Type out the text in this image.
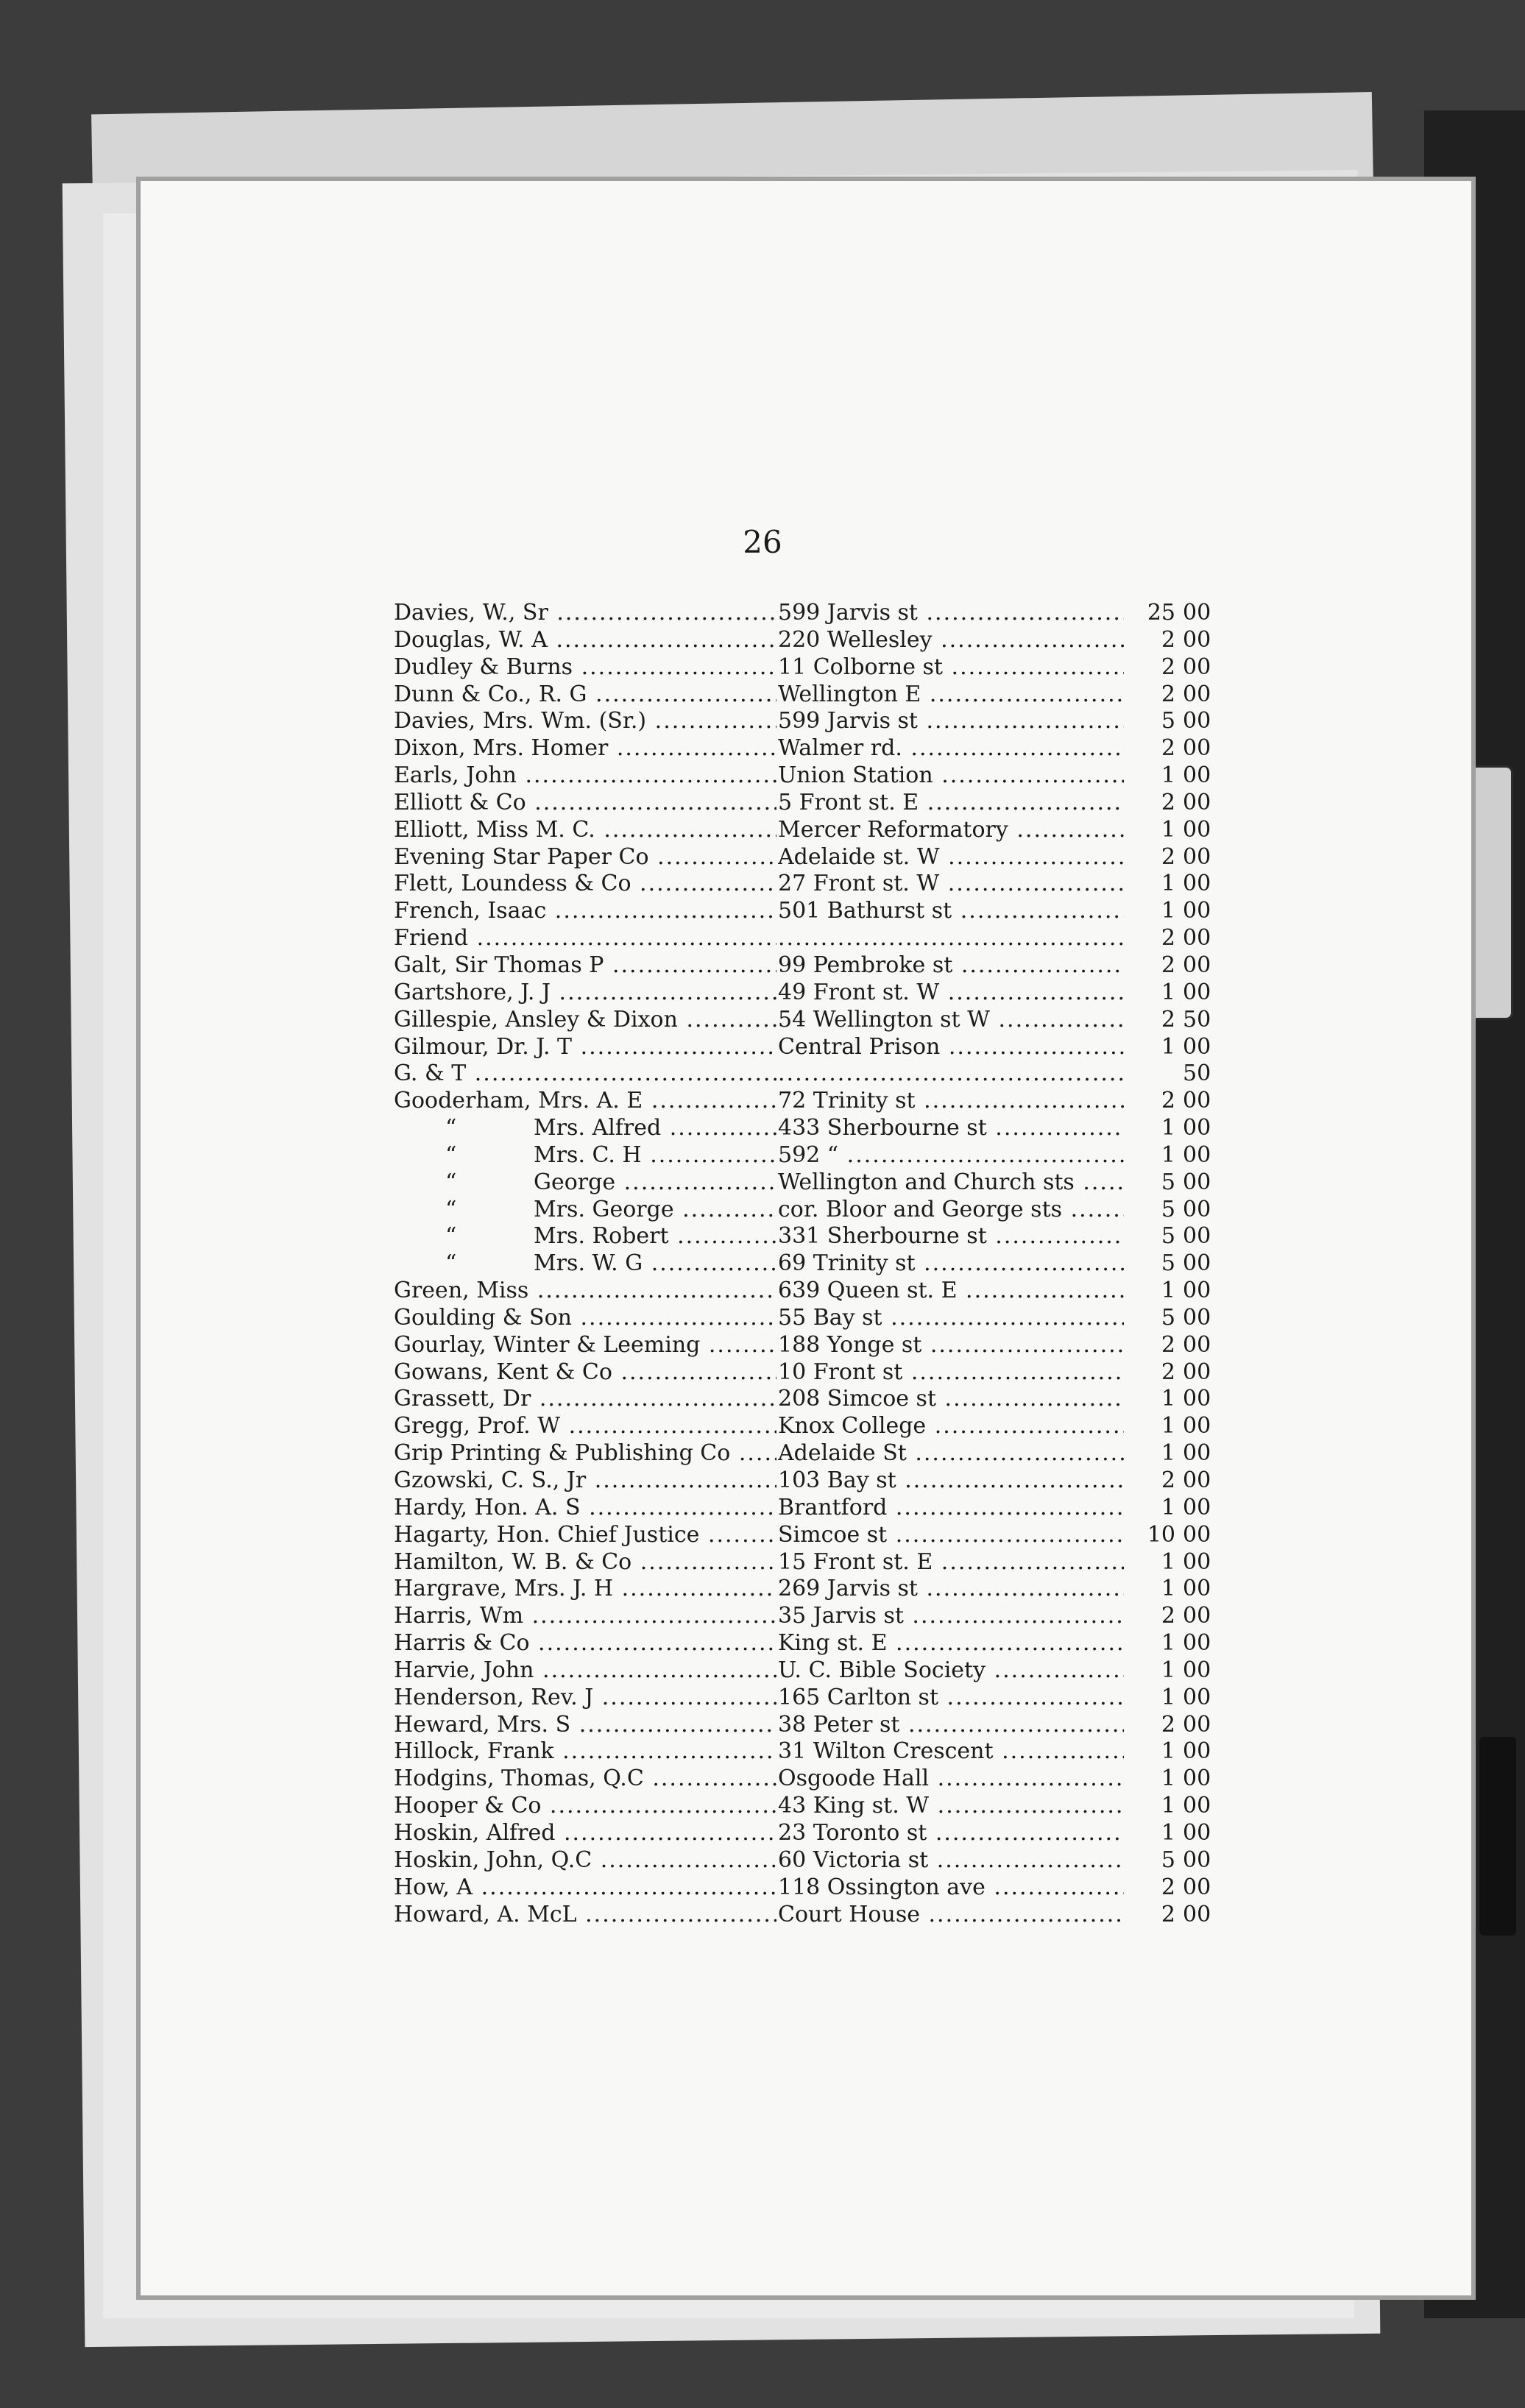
26
Davies, W., Sr .....	599 Jarvis st .....	25 00
Douglas, W. A .....	220 Wellesley .....	2 00
Dudley & Burns .....	11 Colborne st .....	2 00
Dunn & Co., R. G .....	Wellington E .....	2 00
Davies, Mrs. Wm. (Sr.) .....	599 Jarvis st .....	5 00
Dixon, Mrs. Homer .....	Walmer rd. .....	2 00
Earls, John .....	Union Station .....	1 00
Elliott & Co .....	5 Front st. E .....	2 00
Elliott, Miss M. C. .....	Mercer Reformatory .....	1 00
Evening Star Paper Co .....	Adelaide st. W .....	2 00
Flett, Loundess & Co .....	27 Front st. W .....	1 00
French, Isaac .....	501 Bathurst st .....	1 00
Friend ..... .....	2 00
Galt, Sir Thomas P .....	99 Pembroke st .....	2 00
Gartshore, J. J .....	49 Front st. W .....	1 00
Gillespie, Ansley & Dixon .....	54 Wellington st W .....	2 50
Gilmour, Dr. J. T .....	Central Prison .....	1 00
G. & T ..... .....	50
Gooderham, Mrs. A. E .....	72 Trinity st .....	2 00
“	Mrs. Alfred .....	433 Sherbourne st .....	1 00
“	Mrs. C. H .....	592 “ .....	1 00
“	George .....	Wellington and Church sts .....	5 00
“	Mrs. George .....	cor. Bloor and George sts .....	5 00
“	Mrs. Robert .....	331 Sherbourne st .....	5 00
“	Mrs. W. G .....	69 Trinity st .....	5 00
Green, Miss .....	639 Queen st. E .....	1 00
Goulding & Son .....	55 Bay st .....	5 00
Gourlay, Winter & Leeming .....	188 Yonge st .....	2 00
Gowans, Kent & Co .....	10 Front st .....	2 00
Grassett, Dr .....	208 Simcoe st .....	1 00
Gregg, Prof. W .....	Knox College .....	1 00
Grip Printing & Publishing Co .....	Adelaide St .....	1 00
Gzowski, C. S., Jr .....	103 Bay st .....	2 00
Hardy, Hon. A. S .....	Brantford .....	1 00
Hagarty, Hon. Chief Justice .....	Simcoe st .....	10 00
Hamilton, W. B. & Co .....	15 Front st. E .....	1 00
Hargrave, Mrs. J. H .....	269 Jarvis st .....	1 00
Harris, Wm .....	35 Jarvis st .....	2 00
Harris & Co .....	King st. E .....	1 00
Harvie, John .....	U. C. Bible Society .....	1 00
Henderson, Rev. J .....	165 Carlton st .....	1 00
Heward, Mrs. S .....	38 Peter st .....	2 00
Hillock, Frank .....	31 Wilton Crescent .....	1 00
Hodgins, Thomas, Q.C .....	Osgoode Hall .....	1 00
Hooper & Co .....	43 King st. W .....	1 00
Hoskin, Alfred .....	23 Toronto st .....	1 00
Hoskin, John, Q.C .....	60 Victoria st .....	5 00
How, A .....	118 Ossington ave .....	2 00
Howard, A. McL .....	Court House .....	2 00
